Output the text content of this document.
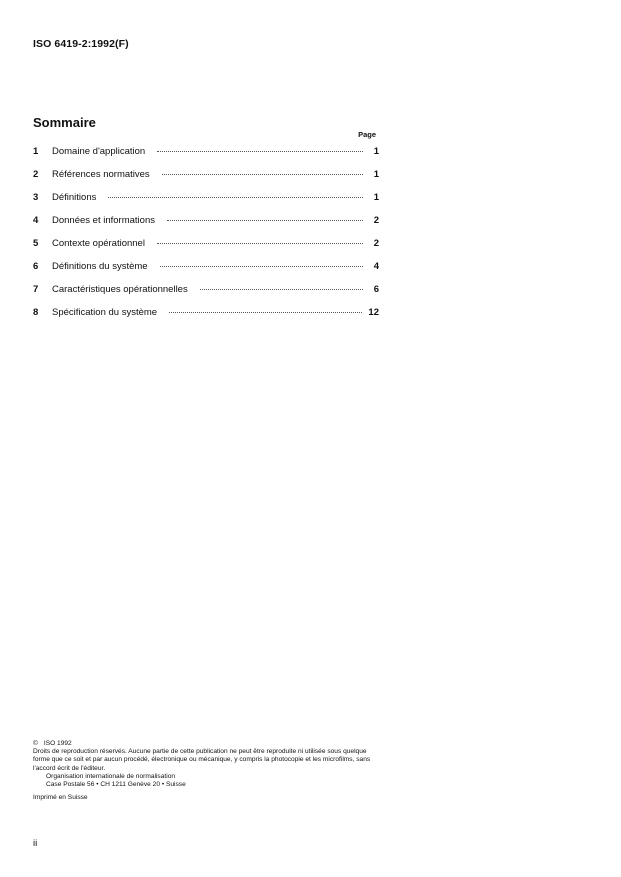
ISO 6419-2:1992(F)
Sommaire
Page
1	Domaine d'application	1
2	Références normatives	1
3	Définitions	1
4	Données et informations	2
5	Contexte opérationnel	2
6	Définitions du système	4
7	Caractéristiques opérationnelles	6
8	Spécification du système	12

© ISO 1992

Droits de reproduction réservés. Aucune partie de cette publication ne peut être reproduite ni utilisée sous quelque forme que ce soit et par aucun procédé, électronique ou mécanique, y compris la photocopie et les microfilms, sans l'accord écrit de l'éditeur.

Organisation internationale de normalisation

Case Postale 56 • CH 1211 Genève 20 • Suisse

Imprimé en Suisse

ii
